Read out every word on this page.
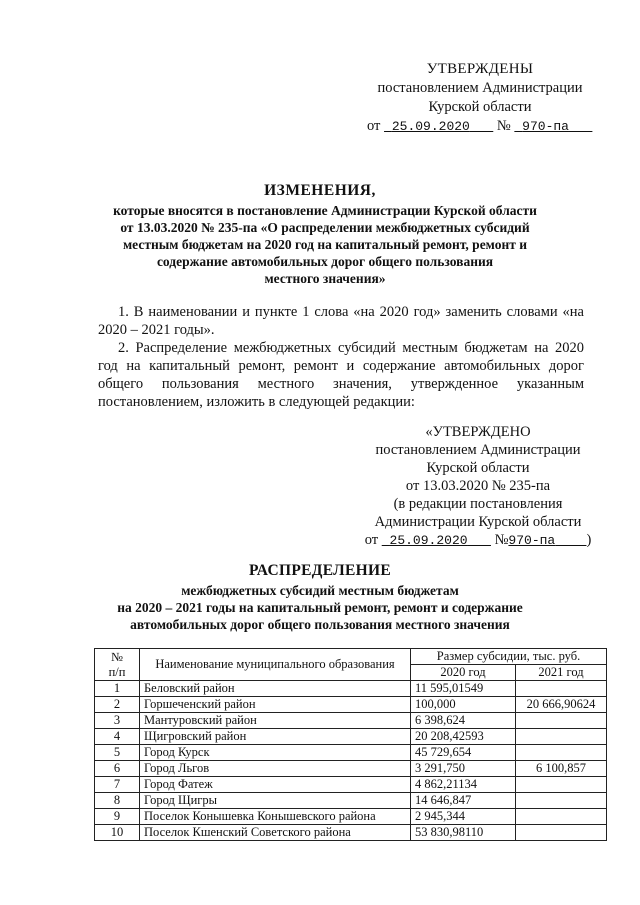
УТВЕРЖДЕНЫ
постановлением Администрации
Курской области
от 25.09.2020 № 970-па
ИЗМЕНЕНИЯ,
которые вносятся в постановление Администрации Курской области
от 13.03.2020 № 235-па «О распределении межбюджетных субсидий
местным бюджетам на 2020 год на капитальный ремонт, ремонт и
содержание автомобильных дорог общего пользования
местного значения»
1. В наименовании и пункте 1 слова «на 2020 год» заменить словами «на 2020 – 2021 годы».
2. Распределение межбюджетных субсидий местным бюджетам на 2020 год на капитальный ремонт, ремонт и содержание автомобильных дорог общего пользования местного значения, утвержденное указанным постановлением, изложить в следующей редакции:
«УТВЕРЖДЕНО
постановлением Администрации
Курской области
от 13.03.2020 № 235-па
(в редакции постановления
Администрации Курской области
от 25.09.2020 №970-па )
РАСПРЕДЕЛЕНИЕ
межбюджетных субсидий местным бюджетам
на 2020 – 2021 годы на капитальный ремонт, ремонт и содержание
автомобильных дорог общего пользования местного значения
№
п/п	Наименование муниципального образования	Размер субсидии, тыс. руб.	
		2020 год	2021 год
1	Беловский район	11 595,01549	
2	Горшеченский район	100,000	20 666,90624
3	Мантуровский район	6 398,624	
4	Щигровский район	20 208,42593	
5	Город Курск	45 729,654	
6	Город Льгов	3 291,750	6 100,857
7	Город Фатеж	4 862,21134	
8	Город Щигры	14 646,847	
9	Поселок Конышевка Конышевского района	2 945,344	
10	Поселок Кшенский Советского района	53 830,98110	
